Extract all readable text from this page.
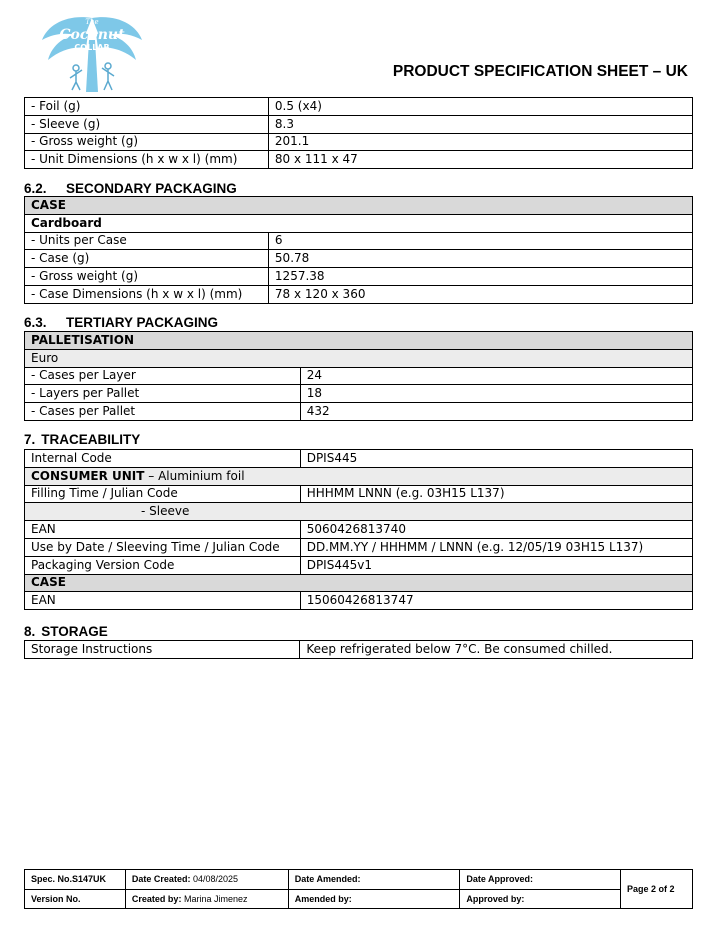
The
Coconut
COLLAB
PRODUCT SPECIFICATION SHEET – UK
- Foil (g)	0.5 (x4)
- Sleeve (g)	8.3
- Gross weight (g)	201.1
- Unit Dimensions (h x w x l) (mm)	80 x 111 x 47
6.2. SECONDARY PACKAGING
CASE	
Cardboard	
- Units per Case	6
- Case (g)	50.78
- Gross weight (g)	1257.38
- Case Dimensions (h x w x l) (mm)	78 x 120 x 360
6.3. TERTIARY PACKAGING
PALLETISATION	
Euro	
- Cases per Layer	24
- Layers per Pallet	18
- Cases per Pallet	432
7. TRACEABILITY
Internal Code	DPIS445
CONSUMER UNIT – Aluminium foil	
Filling Time / Julian Code	HHHMM LNNN (e.g. 03H15 L137)
- Sleeve	
EAN	5060426813740
Use by Date / Sleeving Time / Julian Code	DD.MM.YY / HHHMM / LNNN (e.g. 12/05/19 03H15 L137)
Packaging Version Code	DPIS445v1
CASE	
EAN	15060426813747
8. STORAGE
Storage Instructions	Keep refrigerated below 7°C. Be consumed chilled.
Spec. No.S147UK	Date Created: 04/08/2025	Date Amended:	Date Approved:	Page 2 of 2
Version No.	Created by: Marina Jimenez	Amended by:	Approved by:	
